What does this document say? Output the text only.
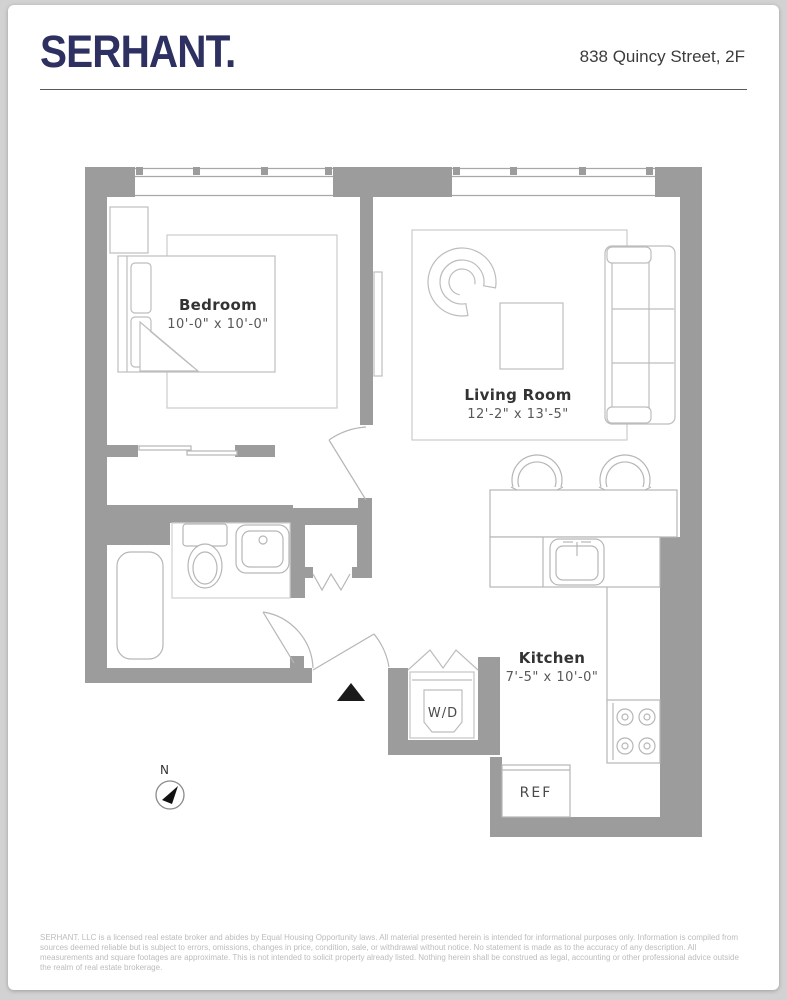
SERHANT.	838 Quincy Street, 2F
N
Bedroom
10'-0" x 10'-0"
Living Room
12'-2" x 13'-5"
Kitchen
7'-5" x 10'-0"
W/D
REF
SERHANT. LLC is a licensed real estate broker and abides by Equal Housing Opportunity laws. All material presented herein is intended for informational purposes only. Information is compiled from sources deemed reliable but is subject to errors, omissions, changes in price, condition, sale, or withdrawal without notice. No statement is made as to the accuracy of any description. All measurements and square footages are approximate. This is not intended to solicit property already listed. Nothing herein shall be construed as legal, accounting or other professional advice outside the realm of real estate brokerage.
